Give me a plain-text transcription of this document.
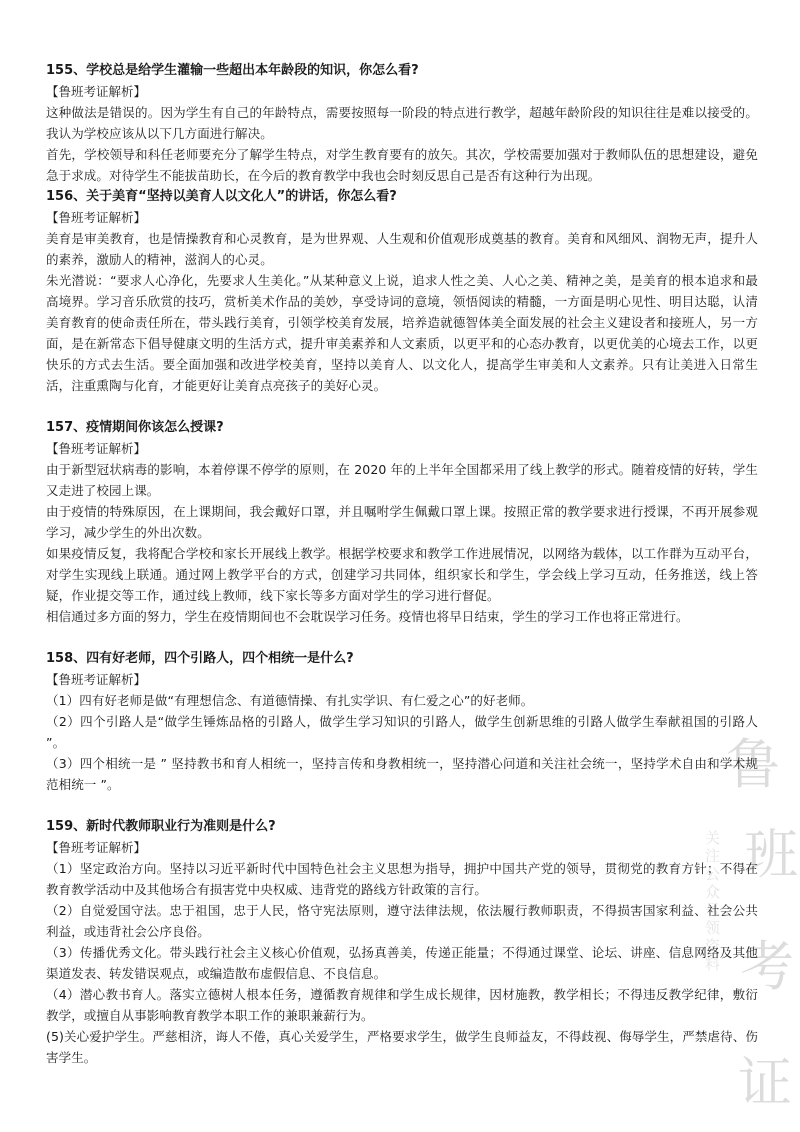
鲁
班
考
证
关注公众号领资料

155、学校总是给学生灌输一些超出本年龄段的知识，你怎么看?

【鲁班考证解析】

这种做法是错误的。因为学生有自己的年龄特点，需要按照每一阶段的特点进行教学，超越年龄阶段的知识往往是难以接受的。我认为学校应该从以下几方面进行解决。

首先，学校领导和科任老师要充分了解学生特点，对学生教育要有的放矢。其次，学校需要加强对于教师队伍的思想建设，避免急于求成。对待学生不能拔苗助长，在今后的教育教学中我也会时刻反思自己是否有这种行为出现。

156、关于美育“坚持以美育人以文化人”的讲话，你怎么看?

【鲁班考证解析】

美育是审美教育，也是情操教育和心灵教育，是为世界观、人生观和价值观形成奠基的教育。美育和风细风、润物无声，提升人的素养，激励人的精神，滋润人的心灵。

朱光潜说：“要求人心净化，先要求人生美化。”从某种意义上说，追求人性之美、人心之美、精神之美，是美育的根本追求和最高境界。学习音乐欣赏的技巧，赏析美术作品的美妙，享受诗词的意境，领悟阅读的精髓，一方面是明心见性、明目达聪，认清美育教育的使命责任所在，带头践行美育，引领学校美育发展，培养造就德智体美全面发展的社会主义建设者和接班人，另一方面，是在新常态下倡导健康文明的生活方式，提升审美素养和人文素质，以更平和的心态办教育，以更优美的心境去工作，以更快乐的方式去生活。要全面加强和改进学校美育，坚持以美育人、以文化人，提高学生审美和人文素养。只有让美进入日常生活，注重熏陶与化育，才能更好让美育点亮孩子的美好心灵。

157、疫情期间你该怎么授课?

【鲁班考证解析】

由于新型冠状病毒的影响，本着停课不停学的原则，在 2020 年的上半年全国都采用了线上教学的形式。随着疫情的好转，学生又走进了校园上课。

由于疫情的特殊原因，在上课期间，我会戴好口罩，并且嘱咐学生佩戴口罩上课。按照正常的教学要求进行授课，不再开展参观学习，减少学生的外出次数。

如果疫情反复，我将配合学校和家长开展线上教学。根据学校要求和教学工作进展情况，以网络为载体，以工作群为互动平台，对学生实现线上联通。通过网上教学平台的方式，创建学习共同体，组织家长和学生，学会线上学习互动，任务推送，线上答疑，作业提交等工作，通过线上教师，线下家长等多方面对学生的学习进行督促。

相信通过多方面的努力，学生在疫情期间也不会耽误学习任务。疫情也将早日结束，学生的学习工作也将正常进行。

158、四有好老师，四个引路人，四个相统一是什么?

【鲁班考证解析】

（1）四有好老师是做“有理想信念、有道德情操、有扎实学识、有仁爱之心”的好老师。

（2）四个引路人是“做学生锤炼品格的引路人，做学生学习知识的引路人，做学生创新思维的引路人做学生奉献祖国的引路人 ”。

（3）四个相统一是 ” 坚持教书和育人相统一，坚持言传和身教相统一，坚持潜心问道和关注社会统一，坚持学术自由和学术规范相统一 ”。

159、新时代教师职业行为准则是什么?

【鲁班考证解析】

（1）坚定政治方向。坚持以习近平新时代中国特色社会主义思想为指导，拥护中国共产党的领导，贯彻党的教育方针；不得在教育教学活动中及其他场合有损害党中央权威、违背党的路线方针政策的言行。

（2）自觉爱国守法。忠于祖国，忠于人民，恪守宪法原则，遵守法律法规，依法履行教师职责，不得损害国家利益、社会公共利益，或违背社会公序良俗。

（3）传播优秀文化。带头践行社会主义核心价值观，弘扬真善美，传递正能量；不得通过课堂、论坛、讲座、信息网络及其他渠道发表、转发错误观点，或编造散布虚假信息、不良信息。

（4）潜心教书育人。落实立德树人根本任务，遵循教育规律和学生成长规律，因材施教，教学相长；不得违反教学纪律，敷衍教学，或擅自从事影响教育教学本职工作的兼职兼薪行为。

(5)关心爱护学生。严慈相济，诲人不倦，真心关爱学生，严格要求学生，做学生良师益友，不得歧视、侮辱学生，严禁虐待、伤害学生。
